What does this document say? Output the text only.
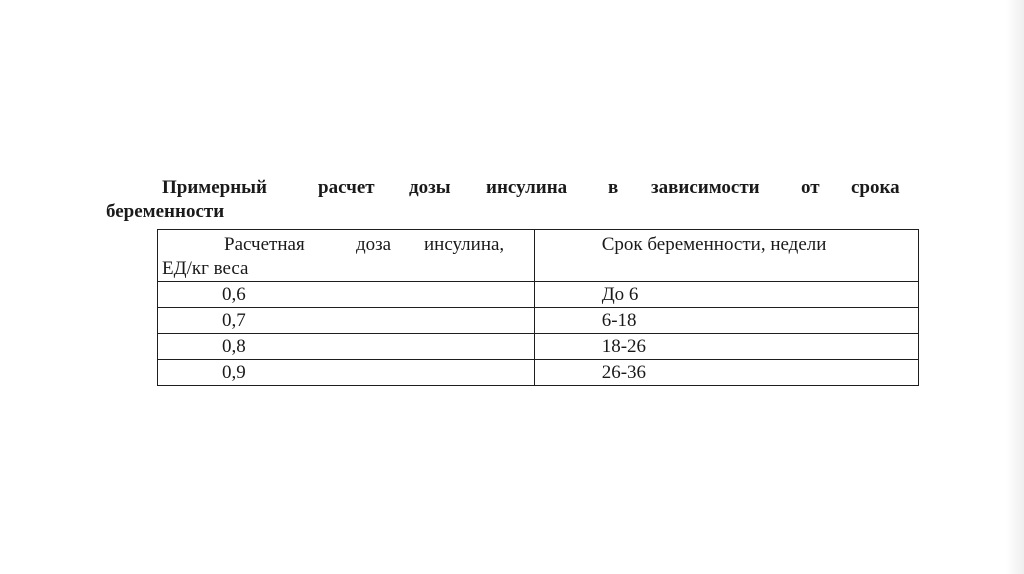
Примерный	расчет дозы инсулина в зависимости от срока
беременности
Расчетная доза инсулина,
ЕД/кг веса	Срок беременности, недели

0,6	До 6

0,7	6-18

0,8	18-26

0,9	26-36
